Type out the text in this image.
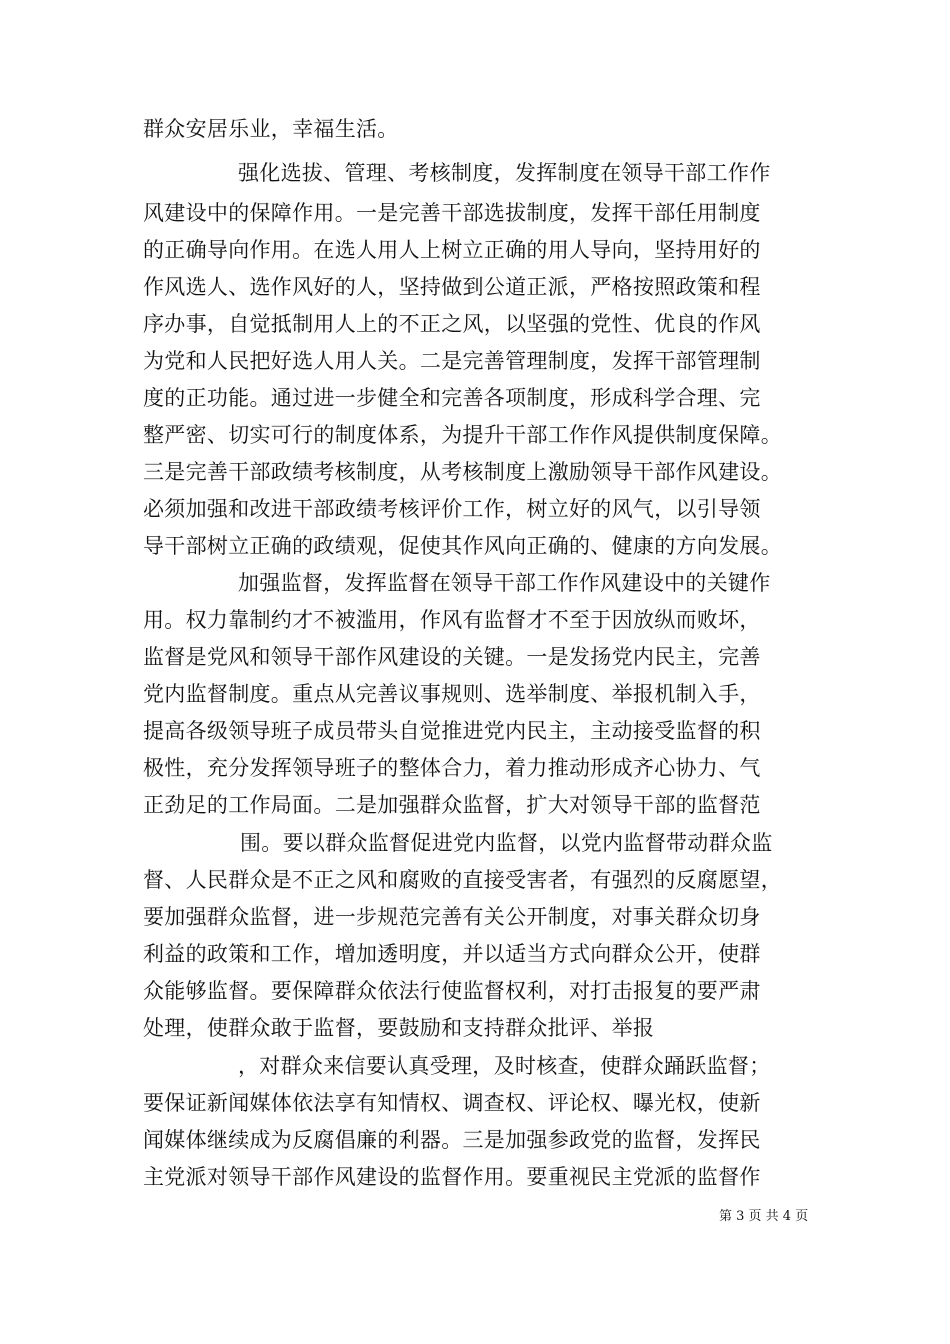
群众安居乐业，幸福生活。
强化选拔、管理、考核制度，发挥制度在领导干部工作作
风建设中的保障作用。一是完善干部选拔制度，发挥干部任用制度
的正确导向作用。在选人用人上树立正确的用人导向，坚持用好的
作风选人、选作风好的人，坚持做到公道正派，严格按照政策和程
序办事，自觉抵制用人上的不正之风，以坚强的党性、优良的作风
为党和人民把好选人用人关。二是完善管理制度，发挥干部管理制
度的正功能。通过进一步健全和完善各项制度，形成科学合理、完
整严密、切实可行的制度体系，为提升干部工作作风提供制度保障。
三是完善干部政绩考核制度，从考核制度上激励领导干部作风建设。
必须加强和改进干部政绩考核评价工作，树立好的风气，以引导领
导干部树立正确的政绩观，促使其作风向正确的、健康的方向发展。
加强监督，发挥监督在领导干部工作作风建设中的关键作
用。权力靠制约才不被滥用，作风有监督才不至于因放纵而败坏，
监督是党风和领导干部作风建设的关键。一是发扬党内民主，完善
党内监督制度。重点从完善议事规则、选举制度、举报机制入手，
提高各级领导班子成员带头自觉推进党内民主，主动接受监督的积
极性，充分发挥领导班子的整体合力，着力推动形成齐心协力、气
正劲足的工作局面。二是加强群众监督，扩大对领导干部的监督范
围。要以群众监督促进党内监督，以党内监督带动群众监
督、人民群众是不正之风和腐败的直接受害者，有强烈的反腐愿望，
要加强群众监督，进一步规范完善有关公开制度，对事关群众切身
利益的政策和工作，增加透明度，并以适当方式向群众公开，使群
众能够监督。要保障群众依法行使监督权利，对打击报复的要严肃
处理，使群众敢于监督，要鼓励和支持群众批评、举报
，对群众来信要认真受理，及时核查，使群众踊跃监督；
要保证新闻媒体依法享有知情权、调查权、评论权、曝光权，使新
闻媒体继续成为反腐倡廉的利器。三是加强参政党的监督，发挥民
主党派对领导干部作风建设的监督作用。要重视民主党派的监督作
第 3 页 共 4 页
